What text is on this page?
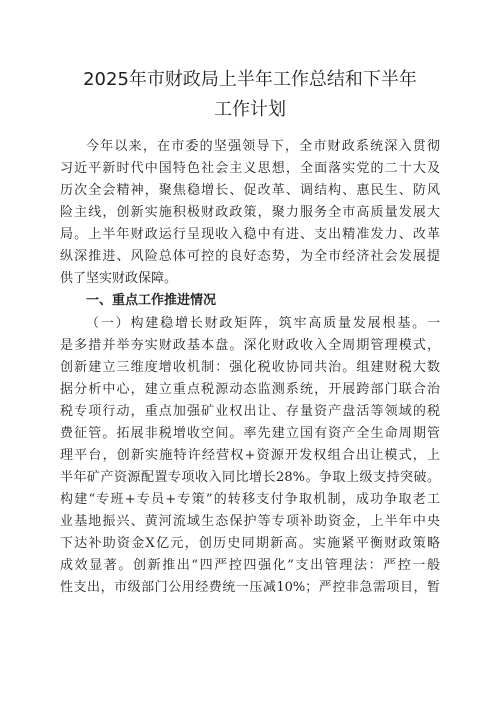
2025年市财政局上半年工作总结和下半年
工作计划
今年以来，在市委的坚强领导下，全市财政系统深入贯彻
习近平新时代中国特色社会主义思想，全面落实党的二十大及
历次全会精神，聚焦稳增长、促改革、调结构、惠民生、防风
险主线，创新实施积极财政政策，聚力服务全市高质量发展大
局。上半年财政运行呈现收入稳中有进、支出精准发力、改革
纵深推进、风险总体可控的良好态势，为全市经济社会发展提
供了坚实财政保障。
一、重点工作推进情况
（一）构建稳增长财政矩阵，筑牢高质量发展根基。一
是多措并举夯实财政基本盘。深化财政收入全周期管理模式，
创新建立三维度增收机制：强化税收协同共治。组建财税大数
据分析中心，建立重点税源动态监测系统，开展跨部门联合治
税专项行动，重点加强矿业权出让、存量资产盘活等领域的税
费征管。拓展非税增收空间。率先建立国有资产全生命周期管
理平台，创新实施特许经营权+资源开发权组合出让模式，上
半年矿产资源配置专项收入同比增长28%。争取上级支持突破。
构建“专班+专员+专策”的转移支付争取机制，成功争取老工
业基地振兴、黄河流域生态保护等专项补助资金，上半年中央
下达补助资金X亿元，创历史同期新高。实施紧平衡财政策略
成效显著。创新推出“四严控四强化”支出管理法：严控一般
性支出，市级部门公用经费统一压减10%；严控非急需项目，暂
